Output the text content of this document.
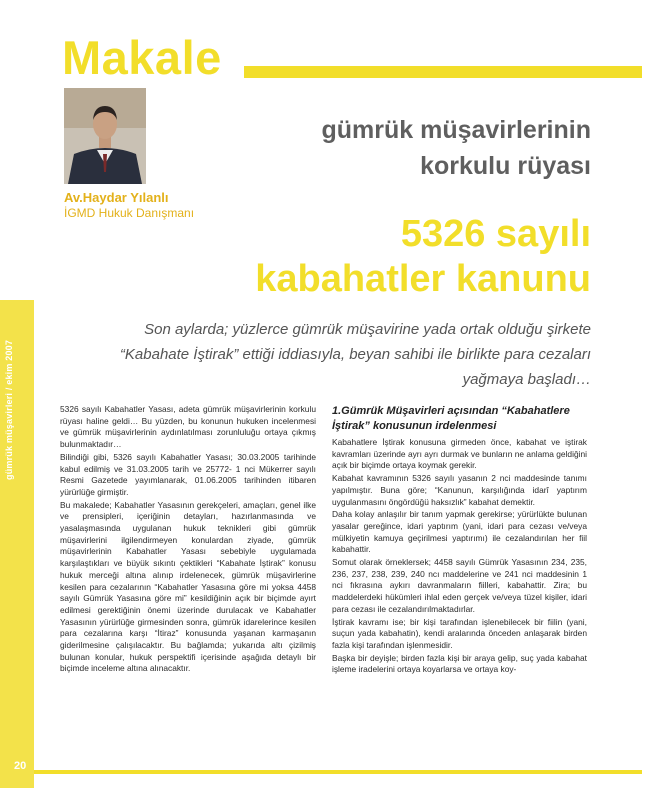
gümrük müşavirleri / ekim 2007
Makale
Av.Haydar Yılanlı
İGMD Hukuk Danışmanı
gümrük müşavirlerinin
korkulu rüyası
5326 sayılı
kabahatler kanunu
Son aylarda; yüzlerce gümrük müşavirine yada ortak olduğu şirkete
“Kabahate İştirak” ettiği iddiasıyla, beyan sahibi ile birlikte para cezaları
yağmaya başladı…

5326 sayılı Kabahatler Yasası, adeta gümrük müşavirlerinin korkulu rüyası haline geldi… Bu yüzden, bu konunun hukuken incelenmesi ve gümrük müşavirlerinin aydınlatılması zorunluluğu ortaya çıkmış bulunmaktadır…

Bilindiği gibi, 5326 sayılı Kabahatler Yasası; 30.03.2005 tarihinde kabul edilmiş ve 31.03.2005 tarih ve 25772- 1 nci Mükerrer sayılı Resmi Gazetede yayımlanarak, 01.06.2005 tarihinden itibaren yürürlüğe girmiştir.

Bu makalede; Kabahatler Yasasının gerekçeleri, amaçları, genel ilke ve prensipleri, içeriğinin detayları, hazırlanmasında ve yasalaşmasında uygulanan hukuk teknikleri gibi gümrük müşavirlerini ilgilendirmeyen konulardan ziyade, gümrük müşavirlerinin Kabahatler Yasası sebebiyle uygulamada karşılaştıkları ve büyük sıkıntı çektikleri “Kabahate İştirak” konusu hukuk merceği altına alınıp irdelenecek, gümrük müşavirlerine kesilen para cezalarının “Kabahatler Yasasına göre mi yoksa 4458 sayılı Gümrük Yasasına göre mi” kesildiğinin açık bir biçimde ayırt edilmesi gerektiğinin önemi üzerinde durulacak ve Kabahatler Yasasının yürürlüğe girmesinden sonra, gümrük idarelerince kesilen para cezalarına karşı “İtiraz” konusunda yaşanan karmaşanın giderilmesine çalışılacaktır. Bu bağlamda; yukarıda altı çizilmiş bulunan konular, hukuk perspektifi içerisinde aşağıda detaylı bir biçimde inceleme altına alınacaktır.

1.Gümrük Müşavirleri açısından “Kabahatlere İştirak” konusunun irdelenmesi

Kabahatlere İştirak konusuna girmeden önce, kabahat ve iştirak kavramları üzerinde ayrı ayrı durmak ve bunların ne anlama geldiğini açık bir biçimde ortaya koymak gerekir.

Kabahat kavramının 5326 sayılı yasanın 2 nci maddesinde tanımı yapılmıştır. Buna göre; “Kanunun, karşılığında idarî yaptırım uygulanmasını öngördüğü haksızlık” kabahat demektir.

Daha kolay anlaşılır bir tanım yapmak gerekirse; yürürlükte bulunan yasalar gereğince, idari yaptırım (yani, idari para cezası ve/veya mülkiyetin kamuya geçirilmesi yaptırımı) ile cezalandırılan her fiil kabahattir.

Somut olarak örneklersek; 4458 sayılı Gümrük Yasasının 234, 235, 236, 237, 238, 239, 240 ncı maddelerine ve 241 nci maddesinin 1 nci fıkrasına aykırı davranmaların fiilleri, kabahattir. Zira; bu maddelerdeki hükümleri ihlal eden gerçek ve/veya tüzel kişiler, idari para cezası ile cezalandırılmaktadırlar.

İştirak kavramı ise; bir kişi tarafından işlenebilecek bir fiilin (yani, suçun yada kabahatin), kendi aralarında önceden anlaşarak birden fazla kişi tarafından işlenmesidir.

Başka bir deyişle; birden fazla kişi bir araya gelip, suç yada kabahat işleme iradelerini ortaya koyarlarsa ve ortaya koy-

20
